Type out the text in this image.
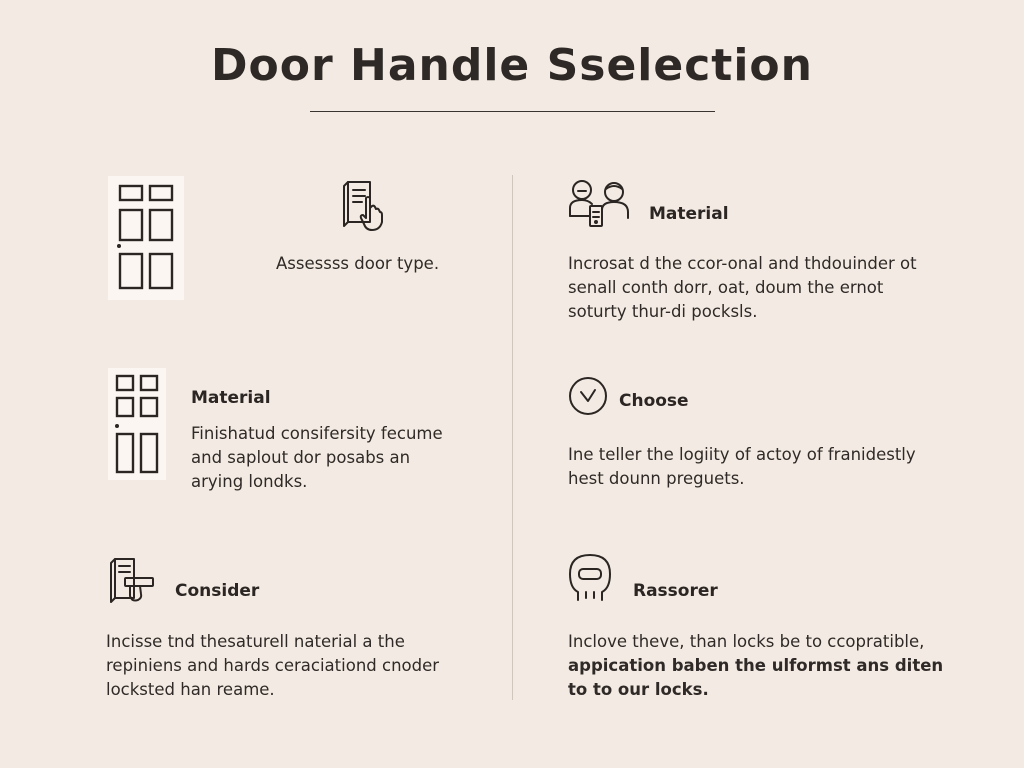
Door Handle Sselection
Assessss door type.
Material
Incrosat d the ccor-onal and thdouinder ot
senall conth dorr, oat, doum the ernot
soturty thur-di pocksls.
Material
Finishatud consifersity fecume
and saplout dor posabs an
arying londks.
Choose
Ine teller the logiity of actoy of franidestly
hest dounn preguets.
Consider
Incisse tnd thesaturell naterial a the
repiniens and hards ceraciationd cnoder
locksted han reame.
Rassorer
Inclove theve, than locks be to ccopratible,
appication baben the ulformst ans diten
to to our locks.
